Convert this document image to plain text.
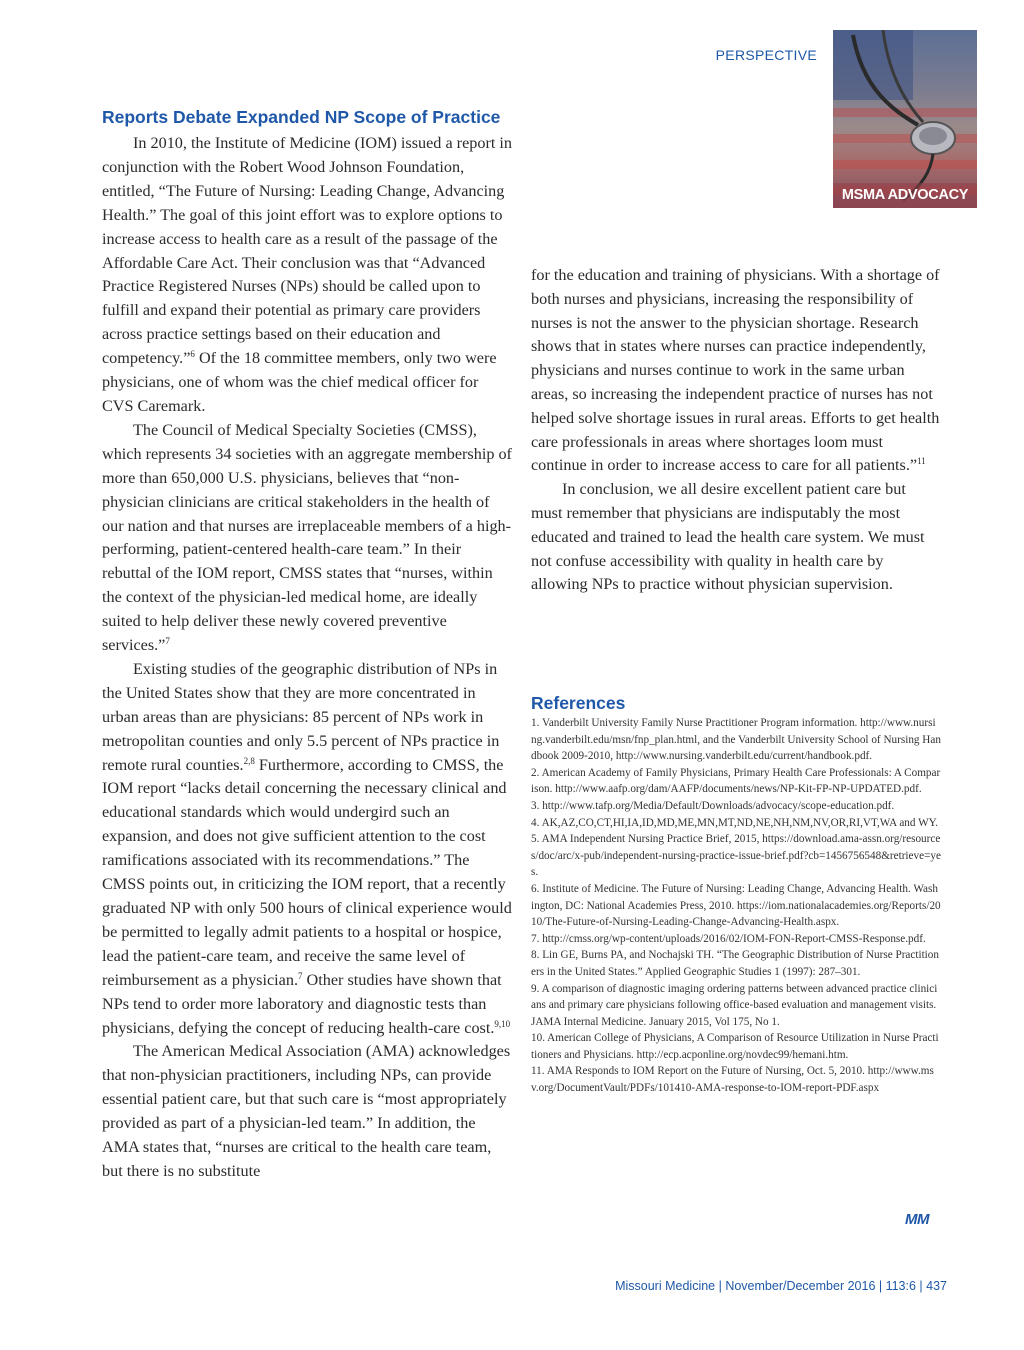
PERSPECTIVE
MSMA ADVOCACY
Reports Debate Expanded NP Scope of Practice

In 2010, the Institute of Medicine (IOM) issued a report in conjunction with the Robert Wood Johnson Foundation, entitled, “The Future of Nursing: Leading Change, Advancing Health.” The goal of this joint effort was to explore options to increase access to health care as a result of the passage of the Affordable Care Act. Their conclusion was that “Advanced Practice Registered Nurses (NPs) should be called upon to fulfill and expand their potential as primary care providers across practice settings based on their education and competency.”$^6$ Of the 18 committee members, only two were physicians, one of whom was the chief medical officer for CVS Caremark.

The Council of Medical Specialty Societies (CMSS), which represents 34 societies with an aggregate membership of more than 650,000 U.S. physicians, believes that “non-physician clinicians are critical stakeholders in the health of our nation and that nurses are irreplaceable members of a high-performing, patient-centered health-care team.” In their rebuttal of the IOM report, CMSS states that “nurses, within the context of the physician-led medical home, are ideally suited to help deliver these newly covered preventive services.”$^7$

Existing studies of the geographic distribution of NPs in the United States show that they are more concentrated in urban areas than are physicians: 85 percent of NPs work in metropolitan counties and only 5.5 percent of NPs practice in remote rural counties.$^{2,8}$ Furthermore, according to CMSS, the IOM report “lacks detail concerning the necessary clinical and educational standards which would undergird such an expansion, and does not give sufficient attention to the cost ramifications associated with its recommendations.” The CMSS points out, in criticizing the IOM report, that a recently graduated NP with only 500 hours of clinical experience would be permitted to legally admit patients to a hospital or hospice, lead the patient-care team, and receive the same level of reimbursement as a physician.$^7$ Other studies have shown that NPs tend to order more laboratory and diagnostic tests than physicians, defying the concept of reducing health-care cost.$^{9,10}$

The American Medical Association (AMA) acknowledges that non-physician practitioners, including NPs, can provide essential patient care, but that such care is “most appropriately provided as part of a physician-led team.” In addition, the AMA states that, “nurses are critical to the health care team, but there is no substitute

for the education and training of physicians. With a shortage of both nurses and physicians, increasing the responsibility of nurses is not the answer to the physician shortage. Research shows that in states where nurses can practice independently, physicians and nurses continue to work in the same urban areas, so increasing the independent practice of nurses has not helped solve shortage issues in rural areas. Efforts to get health care professionals in areas where shortages loom must continue in order to increase access to care for all patients.”$^{11}$

In conclusion, we all desire excellent patient care but must remember that physicians are indisputably the most educated and trained to lead the health care system. We must not confuse accessibility with quality in health care by allowing NPs to practice without physician supervision.

References
1. Vanderbilt University Family Nurse Practitioner Program information. http://www.nursing.vanderbilt.edu/msn/fnp_plan.html, and the Vanderbilt University School of Nursing Handbook 2009-2010, http://www.nursing.vanderbilt.edu/current/handbook.pdf.
2. American Academy of Family Physicians, Primary Health Care Professionals: A Comparison. http://www.aafp.org/dam/AAFP/documents/news/NP-Kit-FP-NP-UPDATED.pdf.
3. http://www.tafp.org/Media/Default/Downloads/advocacy/scope-education.pdf.
4. AK,AZ,CO,CT,HI,IA,ID,MD,ME,MN,MT,ND,NE,NH,NM,NV,OR,RI,VT,WA and WY.
5. AMA Independent Nursing Practice Brief, 2015, https://download.ama-assn.org/resources/doc/arc/x-pub/independent-nursing-practice-issue-brief.pdf?cb=1456756548&retrieve=yes.
6. Institute of Medicine. The Future of Nursing: Leading Change, Advancing Health. Washington, DC: National Academies Press, 2010. https://iom.nationalacademies.org/Reports/2010/The-Future-of-Nursing-Leading-Change-Advancing-Health.aspx.
7. http://cmss.org/wp-content/uploads/2016/02/IOM-FON-Report-CMSS-Response.pdf.
8. Lin GE, Burns PA, and Nochajski TH. “The Geographic Distribution of Nurse Practitioners in the United States.” Applied Geographic Studies 1 (1997): 287–301.
9. A comparison of diagnostic imaging ordering patterns between advanced practice clinicians and primary care physicians following office-based evaluation and management visits. JAMA Internal Medicine. January 2015, Vol 175, No 1.
10. American College of Physicians, A Comparison of Resource Utilization in Nurse Practitioners and Physicians. http://ecp.acponline.org/novdec99/hemani.htm.
11. AMA Responds to IOM Report on the Future of Nursing, Oct. 5, 2010. http://www.msv.org/DocumentVault/PDFs/101410-AMA-response-to-IOM-report-PDF.aspx
MM
Missouri Medicine | November/December 2016 | 113:6 | 437
